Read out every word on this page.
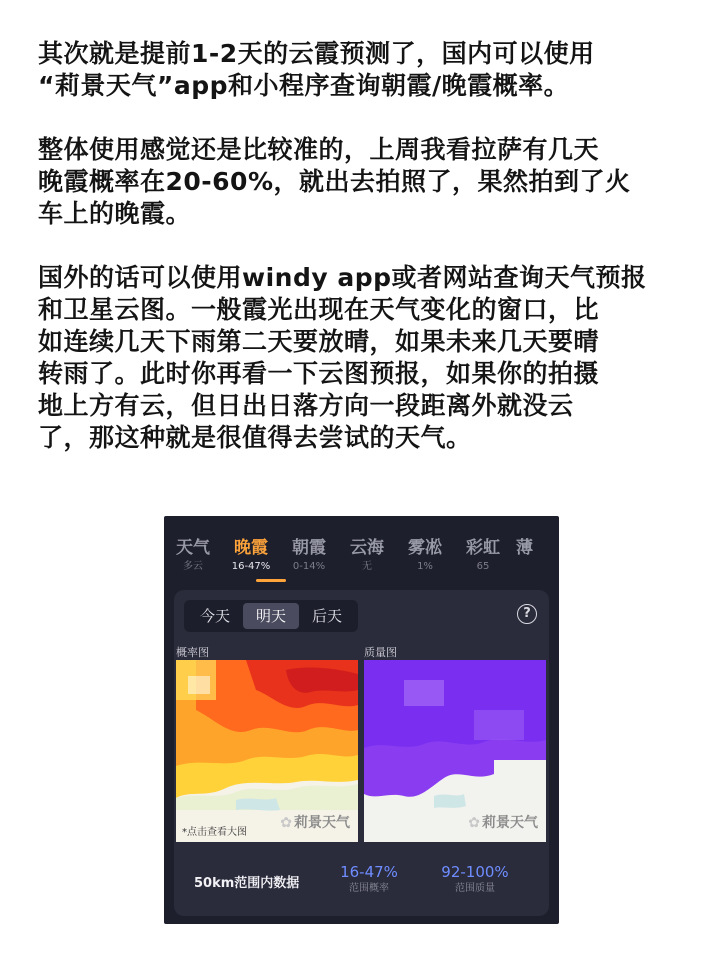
其次就是提前1-2天的云霞预测了，国内可以使用
“莉景天气”app和小程序查询朝霞/晚霞概率。

整体使用感觉还是比较准的，上周我看拉萨有几天
晚霞概率在20-60%，就出去拍照了，果然拍到了火
车上的晚霞。

国外的话可以使用windy app或者网站查询天气预报
和卫星云图。一般霞光出现在天气变化的窗口，比
如连续几天下雨第二天要放晴，如果未来几天要晴
转雨了。此时你再看一下云图预报，如果你的拍摄
地上方有云，但日出日落方向一段距离外就没云
了，那这种就是很值得去尝试的天气。

天气
多云
晚霞
16-47%
朝霞
0-14%
云海
无
雾凇
1%
彩虹
65
薄
今天	明天	后天	?
概率图	质量图
✿ 莉景天气
*点击查看大图
✿ 莉景天气
50km范围内数据
16-47%
范围概率
92-100%
范围质量
